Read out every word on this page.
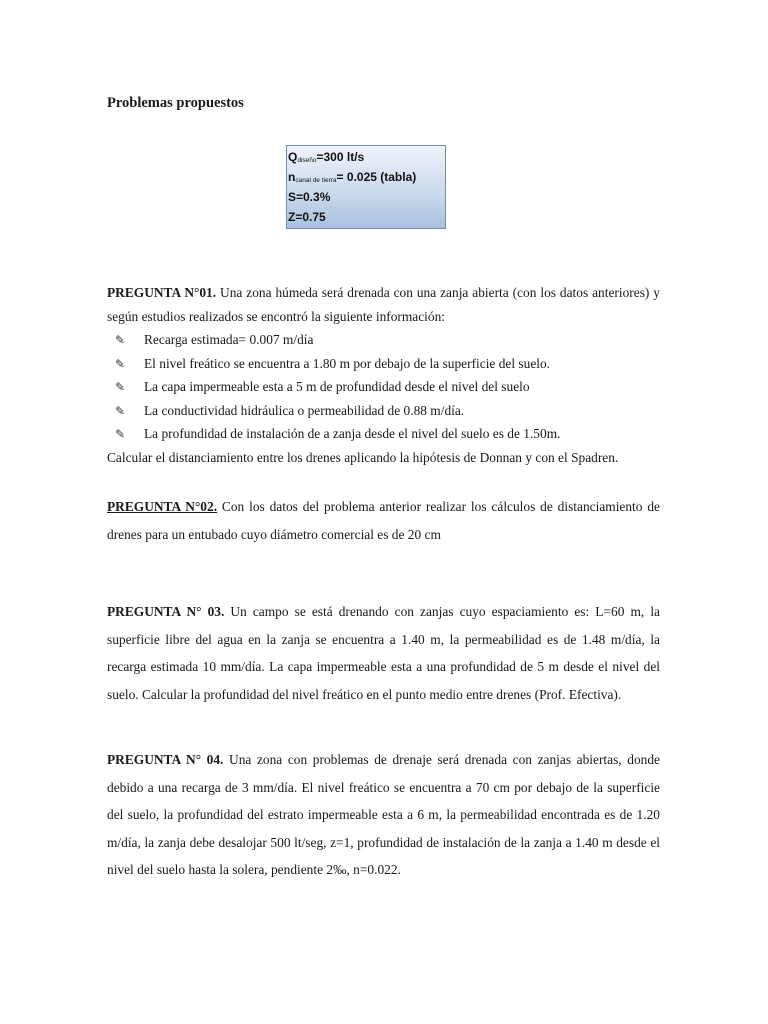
Problemas propuestos
$Q_{diseño}=300$ lt/s
$n_{canal de tierra}= 0.025$ (tabla)
S=0.3%
Z=0.75
PREGUNTA N°01. Una zona húmeda será drenada con una zanja abierta (con los datos anteriores) y según estudios realizados se encontró la siguiente información:
✎ Recarga estimada= 0.007 m/día
✎ El nivel freático se encuentra a 1.80 m por debajo de la superficie del suelo.
✎ La capa impermeable esta a 5 m de profundidad desde el nivel del suelo
✎ La conductividad hidráulica o permeabilidad de 0.88 m/día.
✎ La profundidad de instalación de a zanja desde el nivel del suelo es de 1.50m.
Calcular el distanciamiento entre los drenes aplicando la hipótesis de Donnan y con el Spadren.
PREGUNTA N°02. Con los datos del problema anterior realizar los cálculos de distanciamiento de drenes para un entubado cuyo diámetro comercial es de 20 cm
PREGUNTA N° 03. Un campo se está drenando con zanjas cuyo espaciamiento es: L=60 m, la superficie libre del agua en la zanja se encuentra a 1.40 m, la permeabilidad es de 1.48 m/día, la recarga estimada 10 mm/día. La capa impermeable esta a una profundidad de 5 m desde el nivel del suelo. Calcular la profundidad del nivel freático en el punto medio entre drenes (Prof. Efectiva).
PREGUNTA N° 04. Una zona con problemas de drenaje será drenada con zanjas abiertas, donde debido a una recarga de 3 mm/día. El nivel freático se encuentra a 70 cm por debajo de la superficie del suelo, la profundidad del estrato impermeable esta a 6 m, la permeabilidad encontrada es de 1.20 m/día, la zanja debe desalojar 500 lt/seg, z=1, profundidad de instalación de la zanja a 1.40 m desde el nivel del suelo hasta la solera, pendiente 2‰, n=0.022.
